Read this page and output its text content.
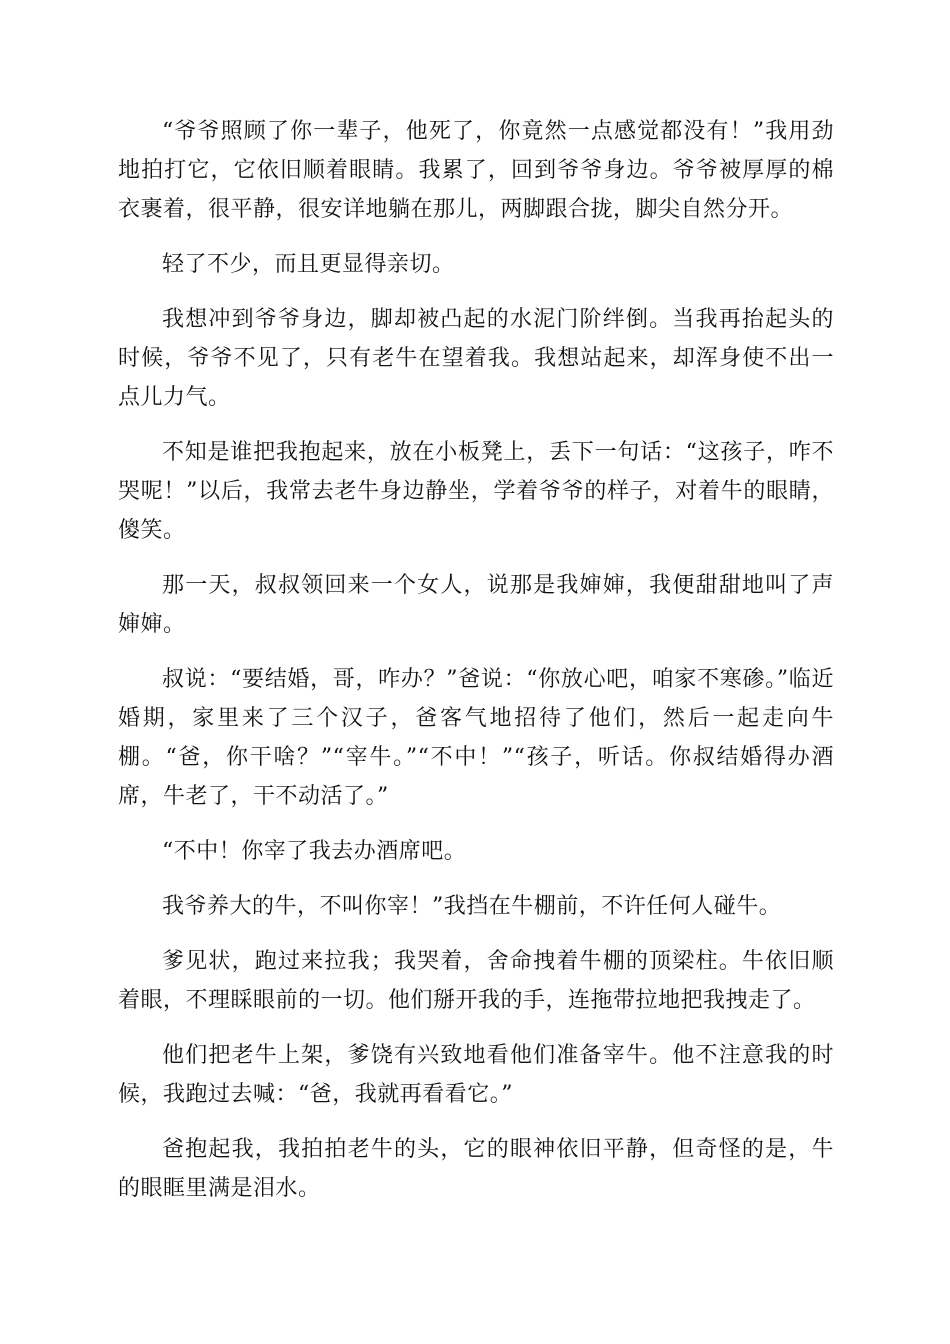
“爷爷照顾了你一辈子，他死了，你竟然一点感觉都没有！”我用劲地拍打它，它依旧顺着眼睛。我累了，回到爷爷身边。爷爷被厚厚的棉衣裹着，很平静，很安详地躺在那儿，两脚跟合拢，脚尖自然分开。

轻了不少，而且更显得亲切。

我想冲到爷爷身边，脚却被凸起的水泥门阶绊倒。当我再抬起头的时候，爷爷不见了，只有老牛在望着我。我想站起来，却浑身使不出一点儿力气。

不知是谁把我抱起来，放在小板凳上，丢下一句话：“这孩子，咋不哭呢！”以后，我常去老牛身边静坐，学着爷爷的样子，对着牛的眼睛，傻笑。

那一天，叔叔领回来一个女人，说那是我婶婶，我便甜甜地叫了声婶婶。

叔说：“要结婚，哥，咋办？”爸说：“你放心吧，咱家不寒碜。”临近婚期，家里来了三个汉子，爸客气地招待了他们，然后一起走向牛棚。“爸，你干啥？”“宰牛。”“不中！”“孩子，听话。你叔结婚得办酒席，牛老了，干不动活了。”

“不中！你宰了我去办酒席吧。

我爷养大的牛，不叫你宰！”我挡在牛棚前，不许任何人碰牛。

爹见状，跑过来拉我；我哭着，舍命拽着牛棚的顶梁柱。牛依旧顺着眼，不理睬眼前的一切。他们掰开我的手，连拖带拉地把我拽走了。

他们把老牛上架，爹饶有兴致地看他们准备宰牛。他不注意我的时候，我跑过去喊：“爸，我就再看看它。”

爸抱起我，我拍拍老牛的头，它的眼神依旧平静，但奇怪的是，牛的眼眶里满是泪水。
